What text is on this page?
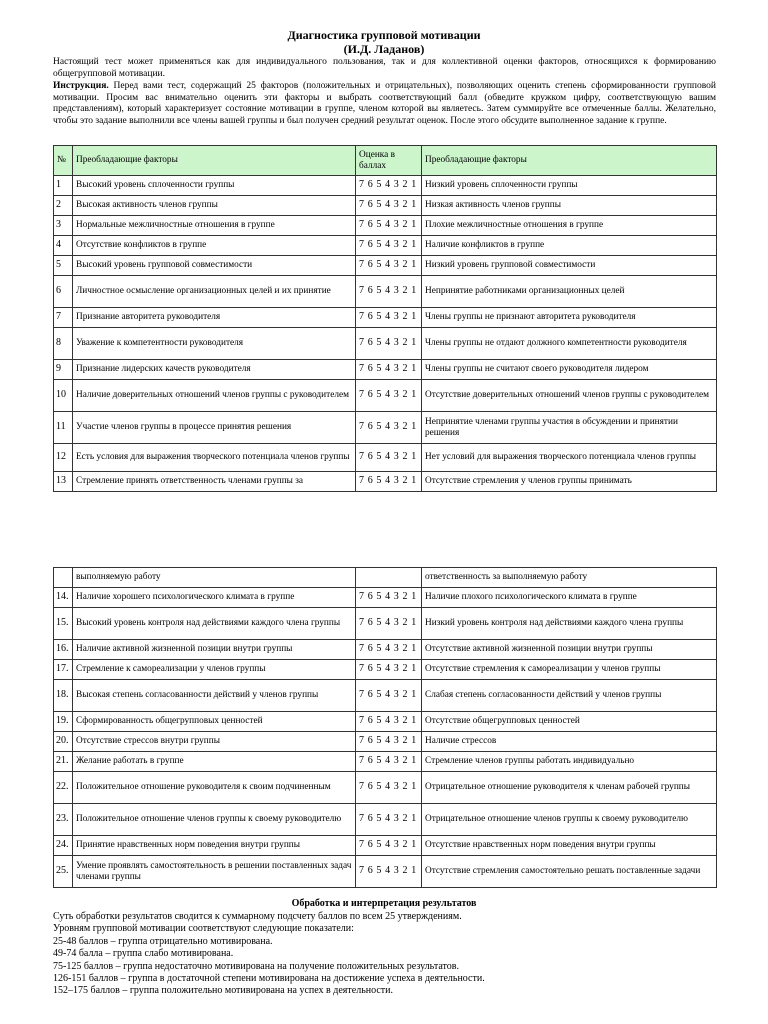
Диагностика групповой мотивации
(И.Д. Ладанов)
Настоящий тест может применяться как для индивидуального пользования, так и для коллективной оценки факторов, относящихся к формированию общегрупповой мотивации.
Инструкция. Перед вами тест, содержащий 25 факторов (положительных и отрицательных), позволяющих оценить степень сформированности групповой мотивации. Просим вас внимательно оценить эти факторы и выбрать соответствующий балл (обведите кружком цифру, соответствующую вашим представлениям), который характеризует состояние мотивации в группе, членом которой вы являетесь. Затем суммируйте все отмеченные баллы. Желательно, чтобы это задание выполнили все члены вашей группы и был получен средний результат оценок. После этого обсудите выполненное задание к группе.
№	Преобладающие факторы	Оценка в баллах	Преобладающие факторы
1	Высокий уровень сплоченности группы	7 6 5 4 3 2 1	Низкий уровень сплоченности группы
2	Высокая активность членов группы	7 6 5 4 3 2 1	Низкая активность членов группы
3	Нормальные межличностные отношения в группе	7 6 5 4 3 2 1	Плохие межличностные отношения в группе
4	Отсутствие конфликтов в группе	7 6 5 4 3 2 1	Наличие конфликтов в группе
5	Высокий уровень групповой совместимости	7 6 5 4 3 2 1	Низкий уровень групповой совместимости
6	Личностное осмысление организационных целей и их принятие	7 6 5 4 3 2 1	Непринятие работниками организационных целей
7	Признание авторитета руководителя	7 6 5 4 3 2 1	Члены группы не признают авторитета руководителя
8	Уважение к компетентности руководителя	7 6 5 4 3 2 1	Члены группы не отдают должного компетентности руководителя
9	Признание лидерских качеств руководителя	7 6 5 4 3 2 1	Члены группы не считают своего руководителя лидером
10	Наличие доверительных отношений членов группы с руководителем	7 6 5 4 3 2 1	Отсутствие доверительных отношений членов группы с руководителем
11	Участие членов группы в процессе принятия решения	7 6 5 4 3 2 1	Непринятие членами группы участия в обсуждении и принятии решения
12	Есть условия для выражения творческого потенциала членов группы	7 6 5 4 3 2 1	Нет условий для выражения творческого потенциала членов группы
13	Стремление принять ответственность членами группы за	7 6 5 4 3 2 1	Отсутствие стремления у членов группы принимать
	выполняемую работу		ответственность за выполняемую работу
14.	Наличие хорошего психологического климата в группе	7 6 5 4 3 2 1	Наличие плохого психологического климата в группе
15.	Высокий уровень контроля над действиями каждого члена группы	7 6 5 4 3 2 1	Низкий уровень контроля над действиями каждого члена группы
16.	Наличие активной жизненной позиции внутри группы	7 6 5 4 3 2 1	Отсутствие активной жизненной позиции внутри группы
17.	Стремление к самореализации у членов группы	7 6 5 4 3 2 1	Отсутствие стремления к самореализации у членов группы
18.	Высокая степень согласованности действий у членов группы	7 6 5 4 3 2 1	Слабая степень согласованности действий у членов группы
19.	Сформированность общегрупповых ценностей	7 6 5 4 3 2 1	Отсутствие общегрупповых ценностей
20.	Отсутствие стрессов внутри группы	7 6 5 4 3 2 1	Наличие стрессов
21.	Желание работать в группе	7 6 5 4 3 2 1	Стремление членов группы работать индивидуально
22.	Положительное отношение руководителя к своим подчиненным	7 6 5 4 3 2 1	Отрицательное отношение руководителя к членам рабочей группы
23.	Положительное отношение членов группы к своему руководителю	7 6 5 4 3 2 1	Отрицательное отношение членов группы к своему руководителю
24.	Принятие нравственных норм поведения внутри группы	7 6 5 4 3 2 1	Отсутствие нравственных норм поведения внутри группы
25.	Умение проявлять самостоятельность в решении поставленных задач членами группы	7 6 5 4 3 2 1	Отсутствие стремления самостоятельно решать поставленные задачи
Обработка и интерпретация результатов
Суть обработки результатов сводится к суммарному подсчету баллов по всем 25 утверждениям.
Уровням групповой мотивации соответствуют следующие показатели:
25-48 баллов – группа отрицательно мотивирована.
49-74 балла – группа слабо мотивирована.
75-125 баллов – группа недостаточно мотивирована на получение положительных результатов.
126-151 баллов – группа в достаточной степени мотивирована на достижение успеха в деятельности.
152–175 баллов – группа положительно мотивирована на успех в деятельности.
